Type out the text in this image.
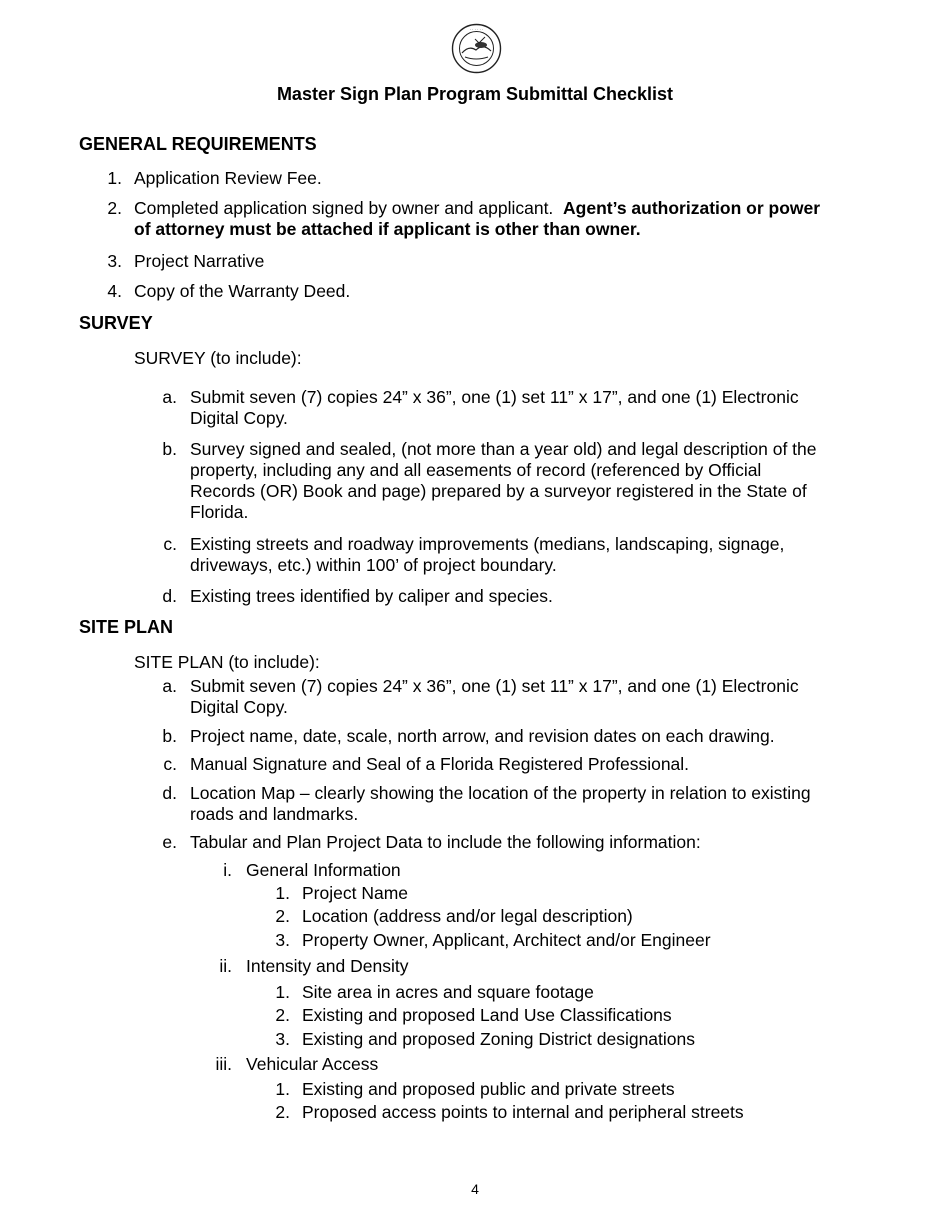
· · · · · ·
Master Sign Plan Program Submittal Checklist
GENERAL REQUIREMENTS
1. Application Review Fee.
2. Completed application signed by owner and applicant. Agent’s authorization or power
of attorney must be attached if applicant is other than owner.
3. Project Narrative
4. Copy of the Warranty Deed.
SURVEY
SURVEY (to include):
a. Submit seven (7) copies 24” x 36”, one (1) set 11” x 17”, and one (1) Electronic
Digital Copy.
b. Survey signed and sealed, (not more than a year old) and legal description of the
property, including any and all easements of record (referenced by Official
Records (OR) Book and page) prepared by a surveyor registered in the State of
Florida.
c. Existing streets and roadway improvements (medians, landscaping, signage,
driveways, etc.) within 100’ of project boundary.
d. Existing trees identified by caliper and species.
SITE PLAN
SITE PLAN (to include):
a. Submit seven (7) copies 24” x 36”, one (1) set 11” x 17”, and one (1) Electronic
Digital Copy.
b. Project name, date, scale, north arrow, and revision dates on each drawing.
c. Manual Signature and Seal of a Florida Registered Professional.
d. Location Map – clearly showing the location of the property in relation to existing
roads and landmarks.
e. Tabular and Plan Project Data to include the following information:
i. General Information
1. Project Name
2. Location (address and/or legal description)
3. Property Owner, Applicant, Architect and/or Engineer
ii. Intensity and Density
1. Site area in acres and square footage
2. Existing and proposed Land Use Classifications
3. Existing and proposed Zoning District designations
iii. Vehicular Access
1. Existing and proposed public and private streets
2. Proposed access points to internal and peripheral streets
4
